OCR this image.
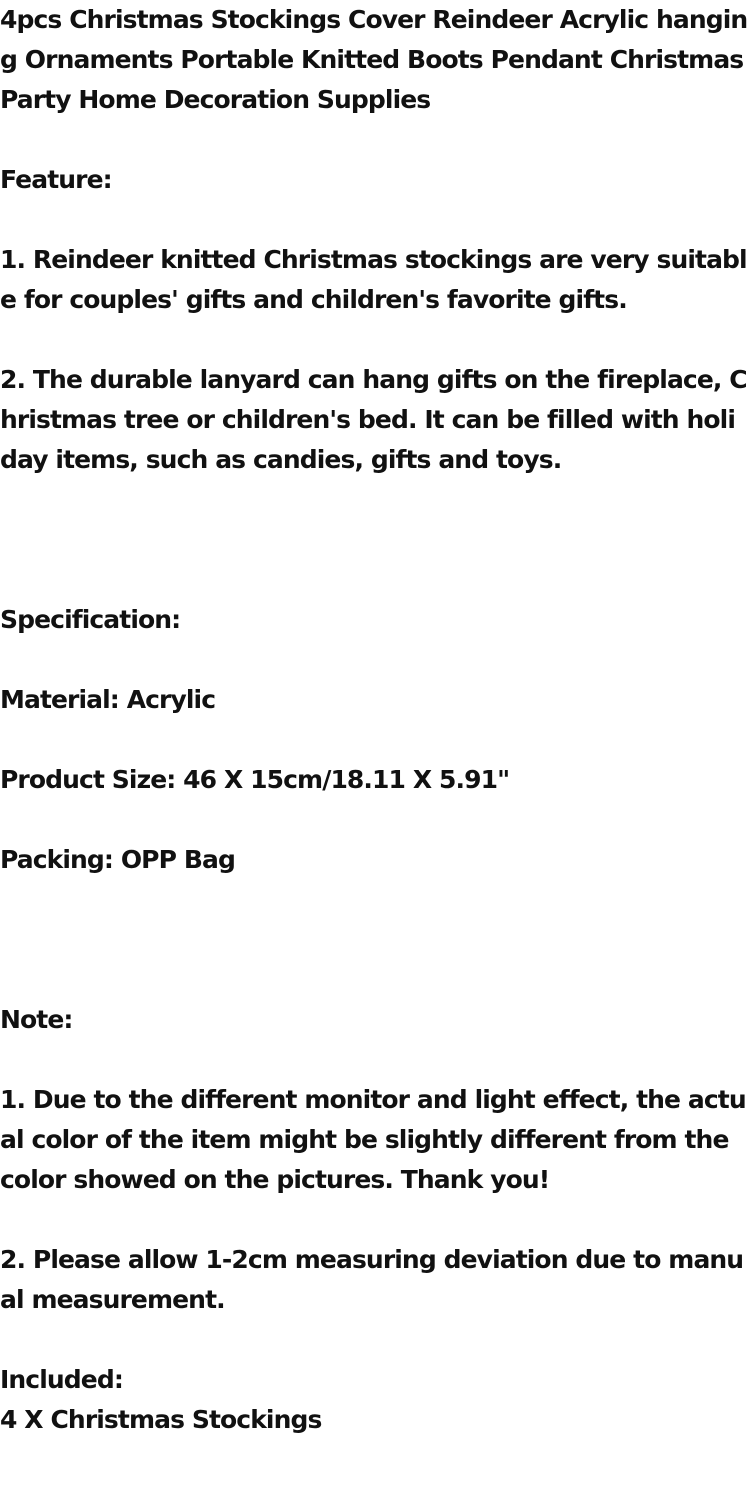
4pcs Christmas Stockings Cover Reindeer Acrylic hanging Ornaments Portable Knitted Boots Pendant Christmas Party Home Decoration Supplies
Feature:
1. Reindeer knitted Christmas stockings are very suitable for couples' gifts and children's favorite gifts.
2. The durable lanyard can hang gifts on the fireplace, Christmas tree or children's bed. It can be filled with holiday items, such as candies, gifts and toys.
Specification:
Material: Acrylic
Product Size: 46 X 15cm/18.11 X 5.91"
Packing: OPP Bag
Note:
1. Due to the different monitor and light effect, the actual color of the item might be slightly different from the color showed on the pictures. Thank you!
2. Please allow 1-2cm measuring deviation due to manual measurement.
Included:
4 X Christmas Stockings
